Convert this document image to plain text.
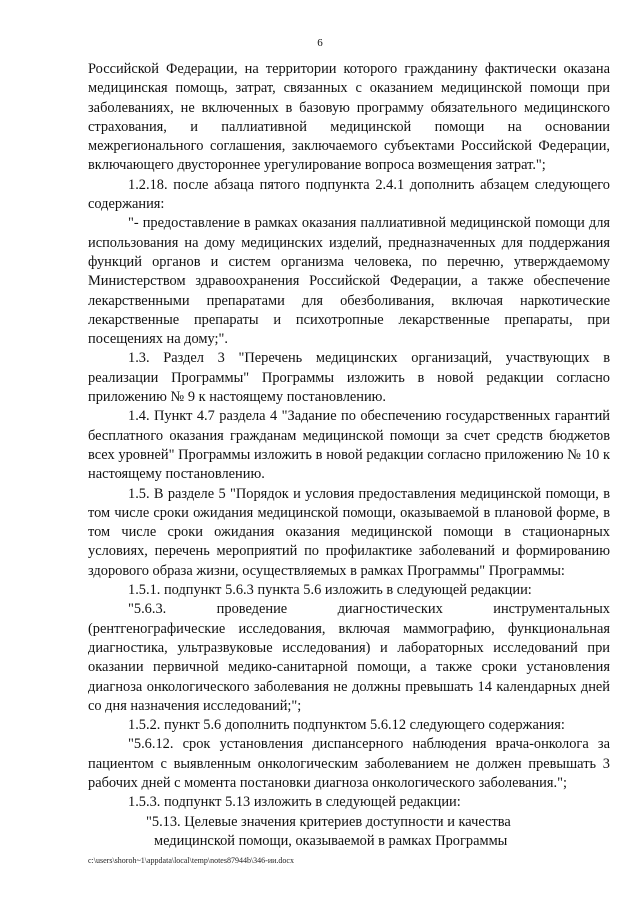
6

Российской Федерации, на территории которого гражданину фактически оказана медицинская помощь, затрат, связанных с оказанием медицинской помощи при заболеваниях, не включенных в базовую программу обязательного медицинского страхования, и паллиативной медицинской помощи на основании межрегионального соглашения, заключаемого субъектами Российской Федерации, включающего двустороннее урегулирование вопроса возмещения затрат.";

1.2.18. после абзаца пятого подпункта 2.4.1 дополнить абзацем следующего содержания:

"- предоставление в рамках оказания паллиативной медицинской помощи для использования на дому медицинских изделий, предназначенных для поддержания функций органов и систем организма человека, по перечню, утверждаемому Министерством здравоохранения Российской Федерации, а также обеспечение лекарственными препаратами для обезболивания, включая наркотические лекарственные препараты и психотропные лекарственные препараты, при посещениях на дому;".

1.3. Раздел 3 "Перечень медицинских организаций, участвующих в реализации Программы" Программы изложить в новой редакции согласно приложению № 9 к настоящему постановлению.

1.4. Пункт 4.7 раздела 4 "Задание по обеспечению государственных гарантий бесплатного оказания гражданам медицинской помощи за счет средств бюджетов всех уровней" Программы изложить в новой редакции согласно приложению № 10 к настоящему постановлению.

1.5. В разделе 5 "Порядок и условия предоставления медицинской помощи, в том числе сроки ожидания медицинской помощи, оказываемой в плановой форме, в том числе сроки ожидания оказания медицинской помощи в стационарных условиях, перечень мероприятий по профилактике заболеваний и формированию здорового образа жизни, осуществляемых в рамках Программы" Программы:

1.5.1. подпункт 5.6.3 пункта 5.6 изложить в следующей редакции:

"5.6.3. проведение диагностических инструментальных (рентгенографические исследования, включая маммографию, функциональная диагностика, ультразвуковые исследования) и лабораторных исследований при оказании первичной медико-санитарной помощи, а также сроки установления диагноза онкологического заболевания не должны превышать 14 календарных дней со дня назначения исследований;";

1.5.2. пункт 5.6 дополнить подпунктом 5.6.12 следующего содержания:

"5.6.12. срок установления диспансерного наблюдения врача-онколога за пациентом с выявленным онкологическим заболеванием не должен превышать 3 рабочих дней с момента постановки диагноза онкологического заболевания.";

1.5.3. подпункт 5.13 изложить в следующей редакции:

"5.13. Целевые значения критериев доступности и качества

медицинской помощи, оказываемой в рамках Программы

c:\users\shoroh~1\appdata\local\temp\notes87944b\346-ии.docx
